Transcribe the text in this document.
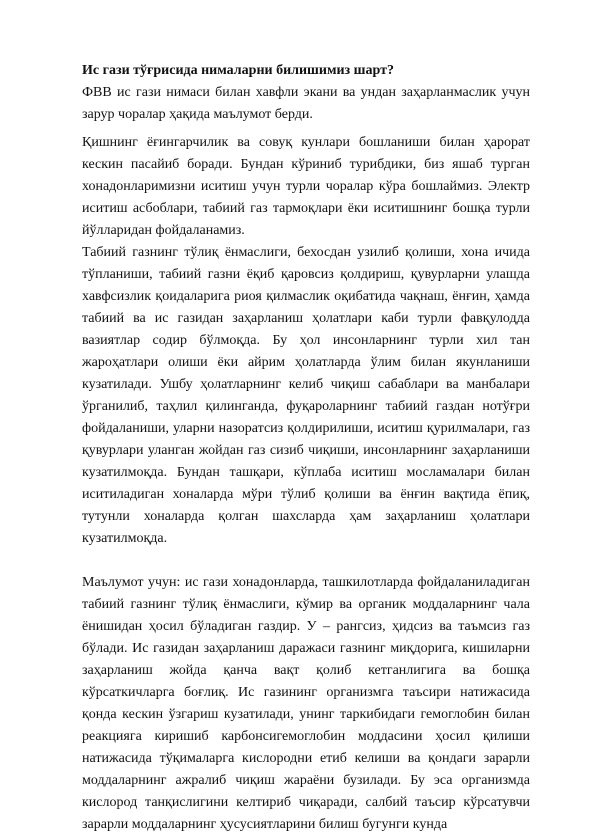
Ис гази тўғрисида нималарни билишимиз шарт?

ФВВ ис гази нимаси билан хавфли экани ва ундан заҳарланмаслик учун зарур чоралар ҳақида маълумот берди.

Қишнинг ёғингарчилик ва совуқ кунлари бошланиши билан ҳарорат кескин пасайиб боради. Бундан кўриниб турибдики, биз яшаб турган хонадонларимизни иситиш учун турли чоралар кўра бошлаймиз. Электр иситиш асбоблари, табиий газ тармоқлари ёки иситишнинг бошқа турли йўлларидан фойдаланамиз.

Табиий газнинг тўлиқ ёнмаслиги, бехосдан узилиб қолиши, хона ичида тўпланиши, табиий газни ёқиб қаровсиз қолдириш, қувурларни улашда хавфсизлик қоидаларига риоя қилмаслик оқибатида чақнаш, ёнғин, ҳамда табиий ва ис газидан заҳарланиш ҳолатлари каби турли фавқулодда вазиятлар содир бўлмоқда. Бу ҳол инсонларнинг турли хил тан жароҳатлари олиши ёки айрим ҳолатларда ўлим билан якунланиши кузатилади. Ушбу ҳолатларнинг келиб чиқиш сабаблари ва манбалари ўрганилиб, таҳлил қилинганда, фуқароларнинг табиий газдан нотўғри фойдаланиши, уларни назоратсиз қолдирилиши, иситиш қурилмалари, газ қувурлари уланган жойдан газ сизиб чиқиши, инсонларнинг заҳарланиши кузатилмоқда. Бундан ташқари, кўплаба иситиш мосламалари билан иситиладиган хоналарда мўри тўлиб қолиши ва ёнғин вақтида ёпиқ, тутунли хоналарда қолган шахсларда ҳам заҳарланиш ҳолатлари кузатилмоқда.

Маълумот учун: ис гази хонадонларда, ташкилотларда фойдаланиладиган табиий газнинг тўлиқ ёнмаслиги, кўмир ва органик моддаларнинг чала ёнишидан ҳосил бўладиган газдир. У – рангсиз, ҳидсиз ва таъмсиз газ бўлади. Ис газидан заҳарланиш даражаси газнинг миқдорига, кишиларни заҳарланиш жойда қанча вақт қолиб кетганлигига ва бошқа кўрсаткичларга боғлиқ. Ис газининг организмга таъсири натижасида қонда кескин ўзгариш кузатилади, унинг таркибидаги гемоглобин билан реакцияга киришиб карбонсигемоглобин моддасини ҳосил қилиши натижасида тўқималарга кислородни етиб келиши ва қондаги зарарли моддаларнинг ажралиб чиқиш жараёни бузилади. Бу эса организмда кислород танқислигини келтириб чиқаради, салбий таъсир кўрсатувчи зарарли моддаларнинг ҳусусиятларини билиш бугунги кунда
